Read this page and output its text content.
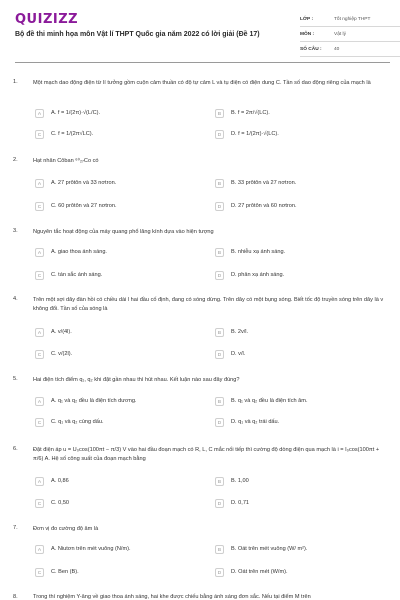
QUIZIZZ
Bộ đề thi minh họa môn Vật lí THPT Quốc gia năm 2022 có lời giải (Đề 17)
LỚP :	Tốt nghiệp THPT
MÔN :	Vật lý
SỐ CÂU :	40
1.	Một mạch dao động điện từ lí tưởng gồm cuộn cảm thuần có độ tự cảm L và tụ điện có điện dung C. Tần số dao động riêng của mạch là
A	A. f = 1/(2π)·√(L/C).	B	B. f = 2π/√(LC).
C	C. f = 1/(2π√LC).	D	D. f = 1/(2π)·√(LC).
2.	Hạt nhân Côban ⁶⁰₂₇Co có
A	A. 27 prôtôn và 33 nơtron.	B	B. 33 prôtôn và 27 nơtron.
C	C. 60 prôtôn và 27 nơtron.	D	D. 27 prôtôn và 60 nơtron.
3.	Nguyên tắc hoạt động của máy quang phổ lăng kính dựa vào hiện tượng
A	A. giao thoa ánh sáng.	B	B. nhiễu xạ ánh sáng.
C	C. tán sắc ánh sáng.	D	D. phản xạ ánh sáng.
4.	Trên một sợi dây đàn hồi có chiều dài l hai đầu cố định, đang có sóng dừng. Trên dây có một bụng sóng. Biết tốc độ truyền sóng trên dây là v không đổi. Tần số của sóng là
A	A. v/(4l).	B	B. 2v/l.
C	C. v/(2l).	D	D. v/l.
5.	Hai điện tích điểm q₁, q₂ khi đặt gần nhau thì hút nhau. Kết luận nào sau đây đúng?
A	A. q₁ và q₂ đều là điện tích dương.	B	B. q₁ và q₂ đều là điện tích âm.
C	C. q₁ và q₂ cùng dấu.	D	D. q₁ và q₂ trái dấu.
6.	Đặt điện áp u = U₀cos(100πt − π/3) V vào hai đầu đoạn mạch có R, L, C mắc nối tiếp thì cường độ dòng điện qua mạch là i = I₀cos(100πt + π/6) A. Hệ số công suất của đoạn mạch bằng
A	A. 0,86	B	B. 1,00
C	C. 0,50	D	D. 0,71
7.	Đơn vị đo cường độ âm là
A	A. Niutơn trên mét vuông (N/m).	B	B. Oát trên mét vuông (W/ m²).
C	C. Ben (B).	D	D. Oát trên mét (W/m).
8.	Trong thí nghiệm Y-âng về giao thoa ánh sáng, hai khe được chiếu bằng ánh sáng đơn sắc. Nếu tại điểm M trên
